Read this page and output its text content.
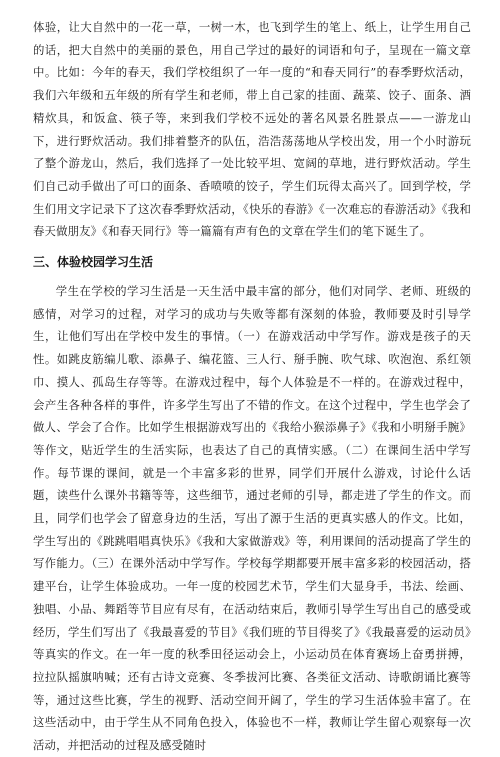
体验，让大自然中的一花一草，一树一木，也飞到学生的笔上、纸上，让学生用自己的话，把大自然中的美丽的景色，用自己学过的最好的词语和句子，呈现在一篇文章中。比如：今年的春天，我们学校组织了一年一度的“和春天同行”的春季野炊活动，我们六年级和五年级的所有学生和老师，带上自己家的挂面、蔬菜、饺子、面条、酒精炊具，和饭盒、筷子等，来到我们学校不远处的著名风景名胜景点——一游龙山下，进行野炊活动。我们排着整齐的队伍，浩浩荡荡地从学校出发，用一个小时游玩了整个游龙山，然后，我们选择了一处比较平坦、宽阔的草地，进行野炊活动。学生们自己动手做出了可口的面条、香喷喷的饺子，学生们玩得太高兴了。回到学校，学生们用文字记录下了这次春季野炊活动，《快乐的春游》《一次难忘的春游活动》《我和春天做朋友》《和春天同行》等一篇篇有声有色的文章在学生们的笔下诞生了。

三、体验校园学习生活

学生在学校的学习生活是一天生活中最丰富的部分，他们对同学、老师、班级的感情，对学习的过程，对学习的成功与失败等都有深刻的体验，教师要及时引导学生，让他们写出在学校中发生的事情。（一）在游戏活动中学写作。游戏是孩子的天性。如跳皮筋编儿歌、添鼻子、编花篮、三人行、掰手腕、吹气球、吹泡泡、系红领巾、摸人、孤岛生存等等。在游戏过程中，每个人体验是不一样的。在游戏过程中，会产生各种各样的事件，许多学生写出了不错的作文。在这个过程中，学生也学会了做人、学会了合作。比如学生根据游戏写出的《我给小猴添鼻子》《我和小明掰手腕》等作文，贴近学生的生活实际，也表达了自己的真情实感。（二）在课间生活中学写作。每节课的课间，就是一个丰富多彩的世界，同学们开展什么游戏，讨论什么话题，读些什么课外书籍等等，这些细节，通过老师的引导，都走进了学生的作文。而且，同学们也学会了留意身边的生活，写出了源于生活的更真实感人的作文。比如，学生写出的《跳跳唱唱真快乐》《我和大家做游戏》等，利用课间的活动提高了学生的写作能力。（三）在课外活动中学写作。学校每学期都要开展丰富多彩的校园活动，搭建平台，让学生体验成功。一年一度的校园艺术节，学生们大显身手，书法、绘画、独唱、小品、舞蹈等节目应有尽有，在活动结束后，教师引导学生写出自己的感受或经历，学生们写出了《我最喜爱的节目》《我们班的节目得奖了》《我最喜爱的运动员》等真实的作文。在一年一度的秋季田径运动会上，小运动员在体育赛场上奋勇拼搏，拉拉队摇旗呐喊；还有古诗文竞赛、冬季拔河比赛、各类征文活动、诗歌朗诵比赛等等，通过这些比赛，学生的视野、活动空间开阔了，学生的学习生活体验丰富了。在这些活动中，由于学生从不同角色投入，体验也不一样，教师让学生留心观察每一次活动，并把活动的过程及感受随时
